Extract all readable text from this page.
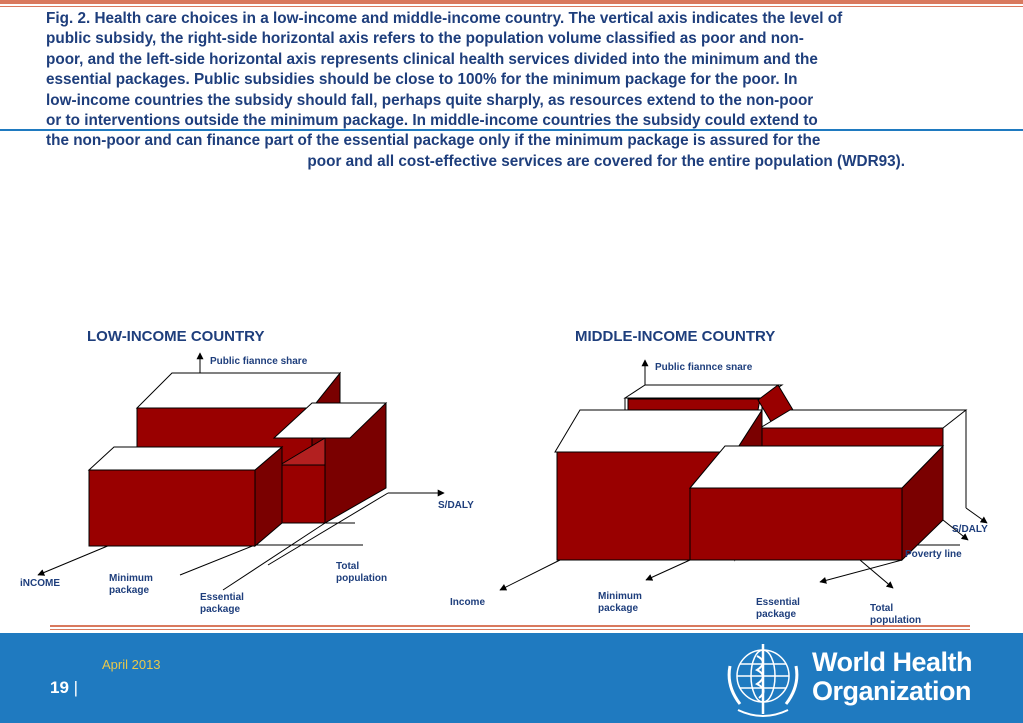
Fig. 2. Health care choices in a low-income and middle-income country. The vertical axis indicates the level of
public subsidy, the right-side horizontal axis refers to the population volume classified as poor and non-
poor, and the left-side horizontal axis represents clinical health services divided into the minimum and the
essential packages. Public subsidies should be close to 100% for the minimum package for the poor. In
low-income countries the subsidy should fall, perhaps quite sharply, as resources extend to the non-poor
or to interventions outside the minimum package. In middle-income countries the subsidy could extend to
the non-poor and can finance part of the essential package only if the minimum package is assured for the
poor and all cost-effective services are covered for the entire population (WDR93).
LOW-INCOME COUNTRY	MIDDLE-INCOME COUNTRY
Public fiannce share
S/DALY
iNCOME	Minimum package
Essential package
Total population
Public fiannce snare
S/DALY
Poverty line
Income
Minimum package
Essential package
Total population
April 2013
19 |
World Health
Organization
